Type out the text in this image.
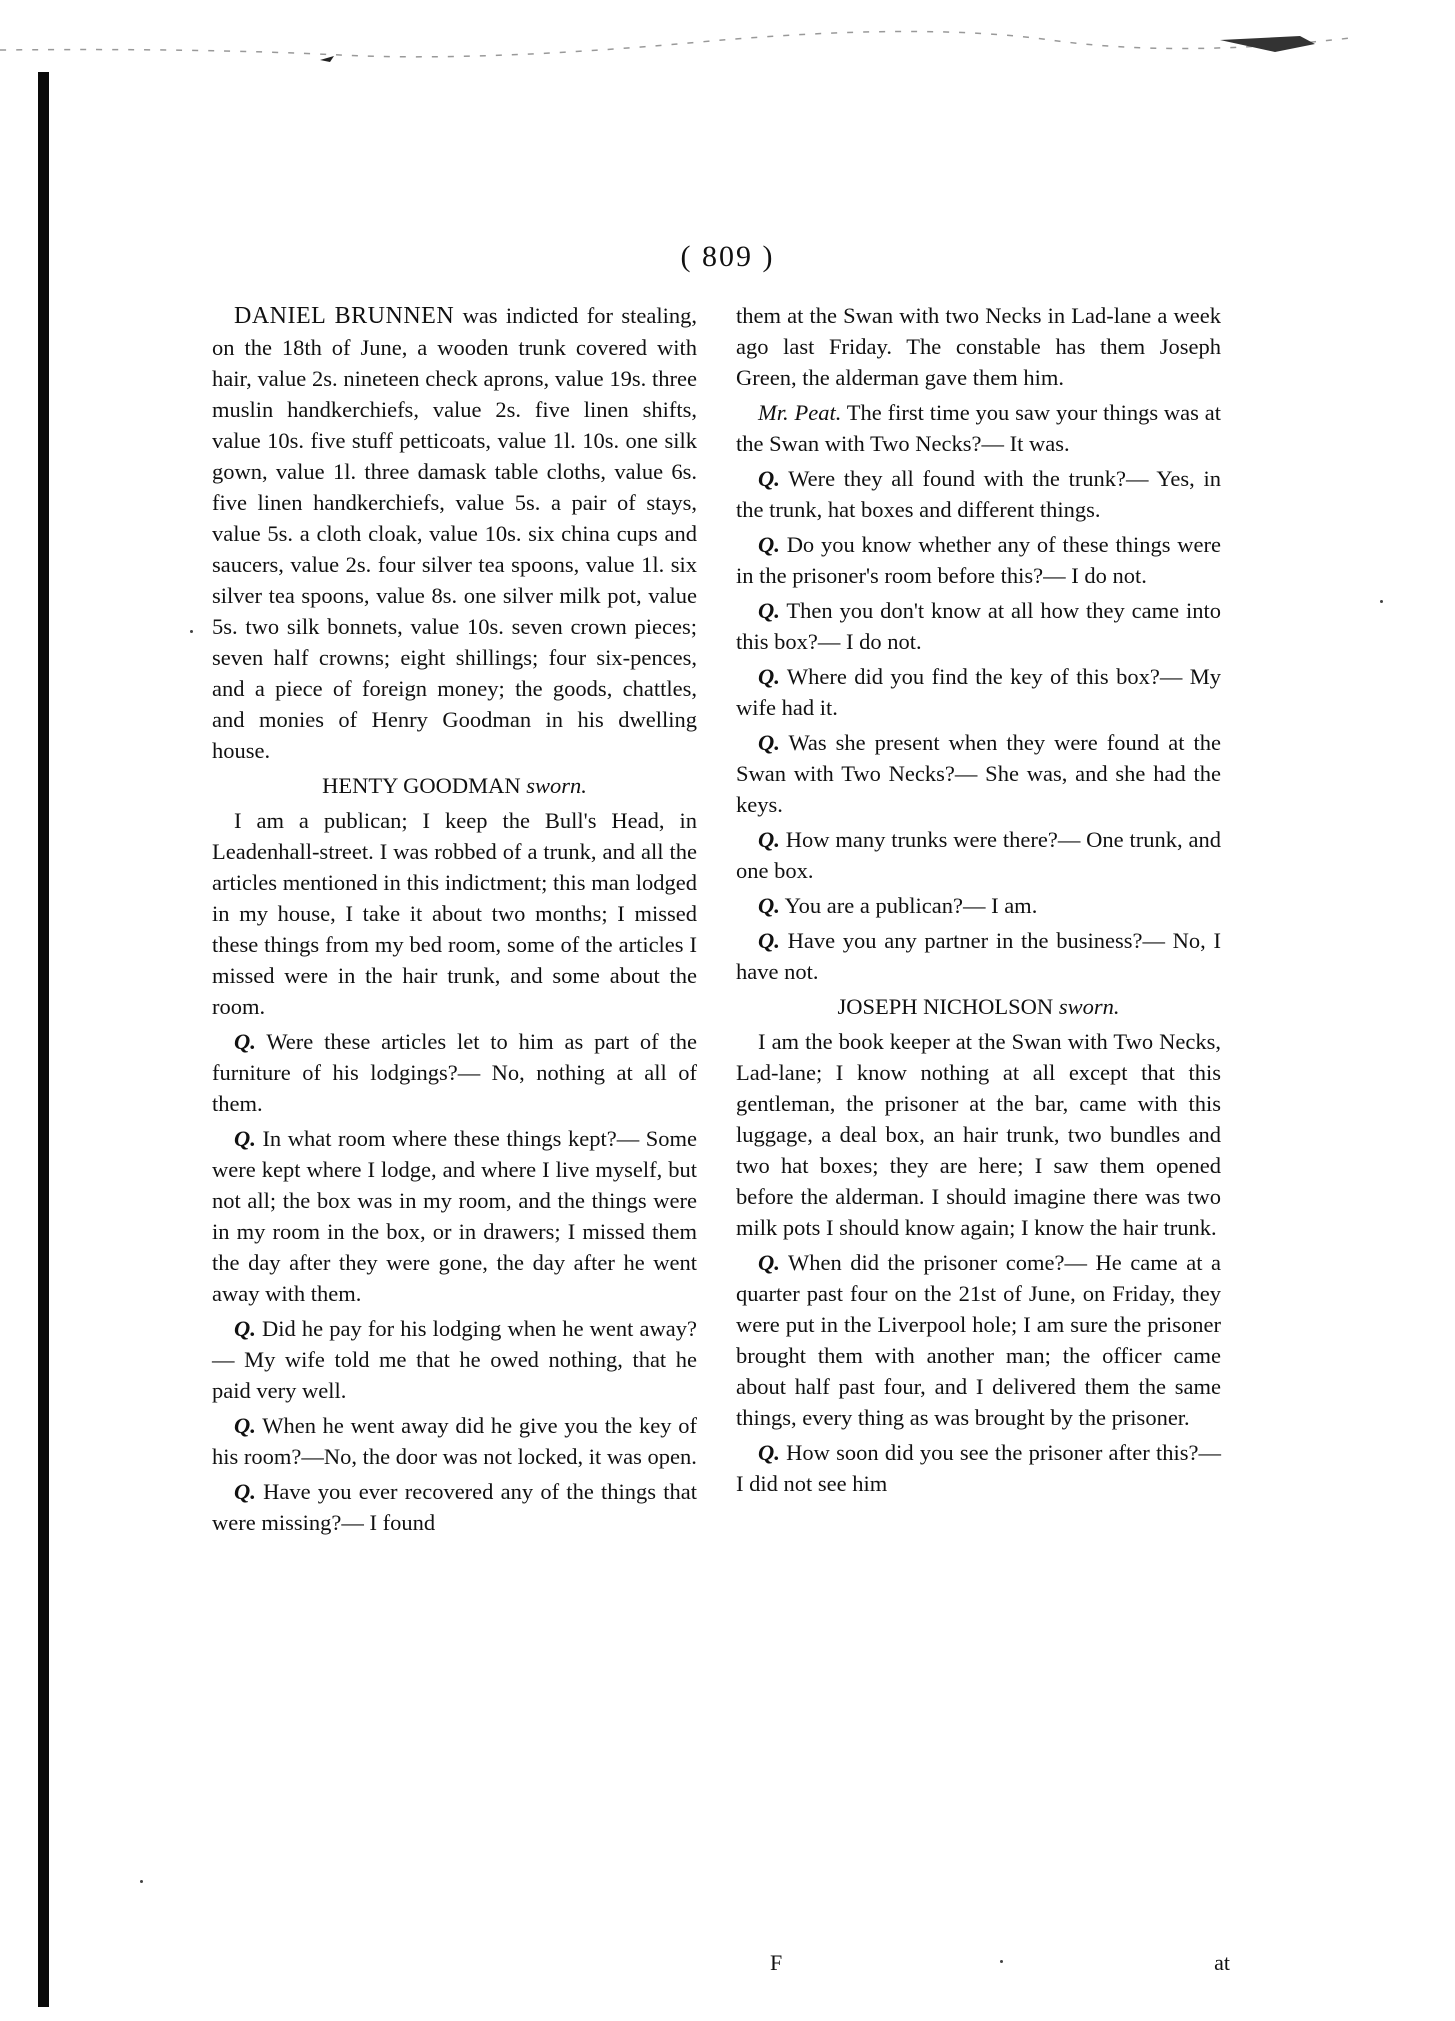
( 809 )

DANIEL BRUNNEN was indicted for stealing, on the 18th of June, a wooden trunk covered with hair, value 2s. nineteen check aprons, value 19s. three muslin handkerchiefs, value 2s. five linen shifts, value 10s. five stuff petticoats, value 1l. 10s. one silk gown, value 1l. three damask table cloths, value 6s. five linen handkerchiefs, value 5s. a pair of stays, value 5s. a cloth cloak, value 10s. six china cups and saucers, value 2s. four silver tea spoons, value 1l. six silver tea spoons, value 8s. one silver milk pot, value 5s. two silk bonnets, value 10s. seven crown pieces; seven half crowns; eight shillings; four six-pences, and a piece of foreign money; the goods, chattles, and monies of Henry Goodman in his dwelling house.

HENTY GOODMAN sworn.

I am a publican; I keep the Bull's Head, in Leadenhall-street. I was robbed of a trunk, and all the articles mentioned in this indictment; this man lodged in my house, I take it about two months; I missed these things from my bed room, some of the articles I missed were in the hair trunk, and some about the room.

Q. Were these articles let to him as part of the furniture of his lodgings?— No, nothing at all of them.

Q. In what room where these things kept?— Some were kept where I lodge, and where I live myself, but not all; the box was in my room, and the things were in my room in the box, or in drawers; I missed them the day after they were gone, the day after he went away with them.

Q. Did he pay for his lodging when he went away?— My wife told me that he owed nothing, that he paid very well.

Q. When he went away did he give you the key of his room?—No, the door was not locked, it was open.

Q. Have you ever recovered any of the things that were missing?— I found

them at the Swan with two Necks in Lad-lane a week ago last Friday. The constable has them Joseph Green, the alderman gave them him.

Mr. Peat. The first time you saw your things was at the Swan with Two Necks?— It was.

Q. Were they all found with the trunk?— Yes, in the trunk, hat boxes and different things.

Q. Do you know whether any of these things were in the prisoner's room before this?— I do not.

Q. Then you don't know at all how they came into this box?— I do not.

Q. Where did you find the key of this box?— My wife had it.

Q. Was she present when they were found at the Swan with Two Necks?— She was, and she had the keys.

Q. How many trunks were there?— One trunk, and one box.

Q. You are a publican?— I am.

Q. Have you any partner in the business?— No, I have not.

JOSEPH NICHOLSON sworn.

I am the book keeper at the Swan with Two Necks, Lad-lane; I know nothing at all except that this gentleman, the prisoner at the bar, came with this luggage, a deal box, an hair trunk, two bundles and two hat boxes; they are here; I saw them opened before the alderman. I should imagine there was two milk pots I should know again; I know the hair trunk.

Q. When did the prisoner come?— He came at a quarter past four on the 21st of June, on Friday, they were put in the Liverpool hole; I am sure the prisoner brought them with another man; the officer came about half past four, and I delivered them the same things, every thing as was brought by the prisoner.

Q. How soon did you see the prisoner after this?— I did not see him

F	at
